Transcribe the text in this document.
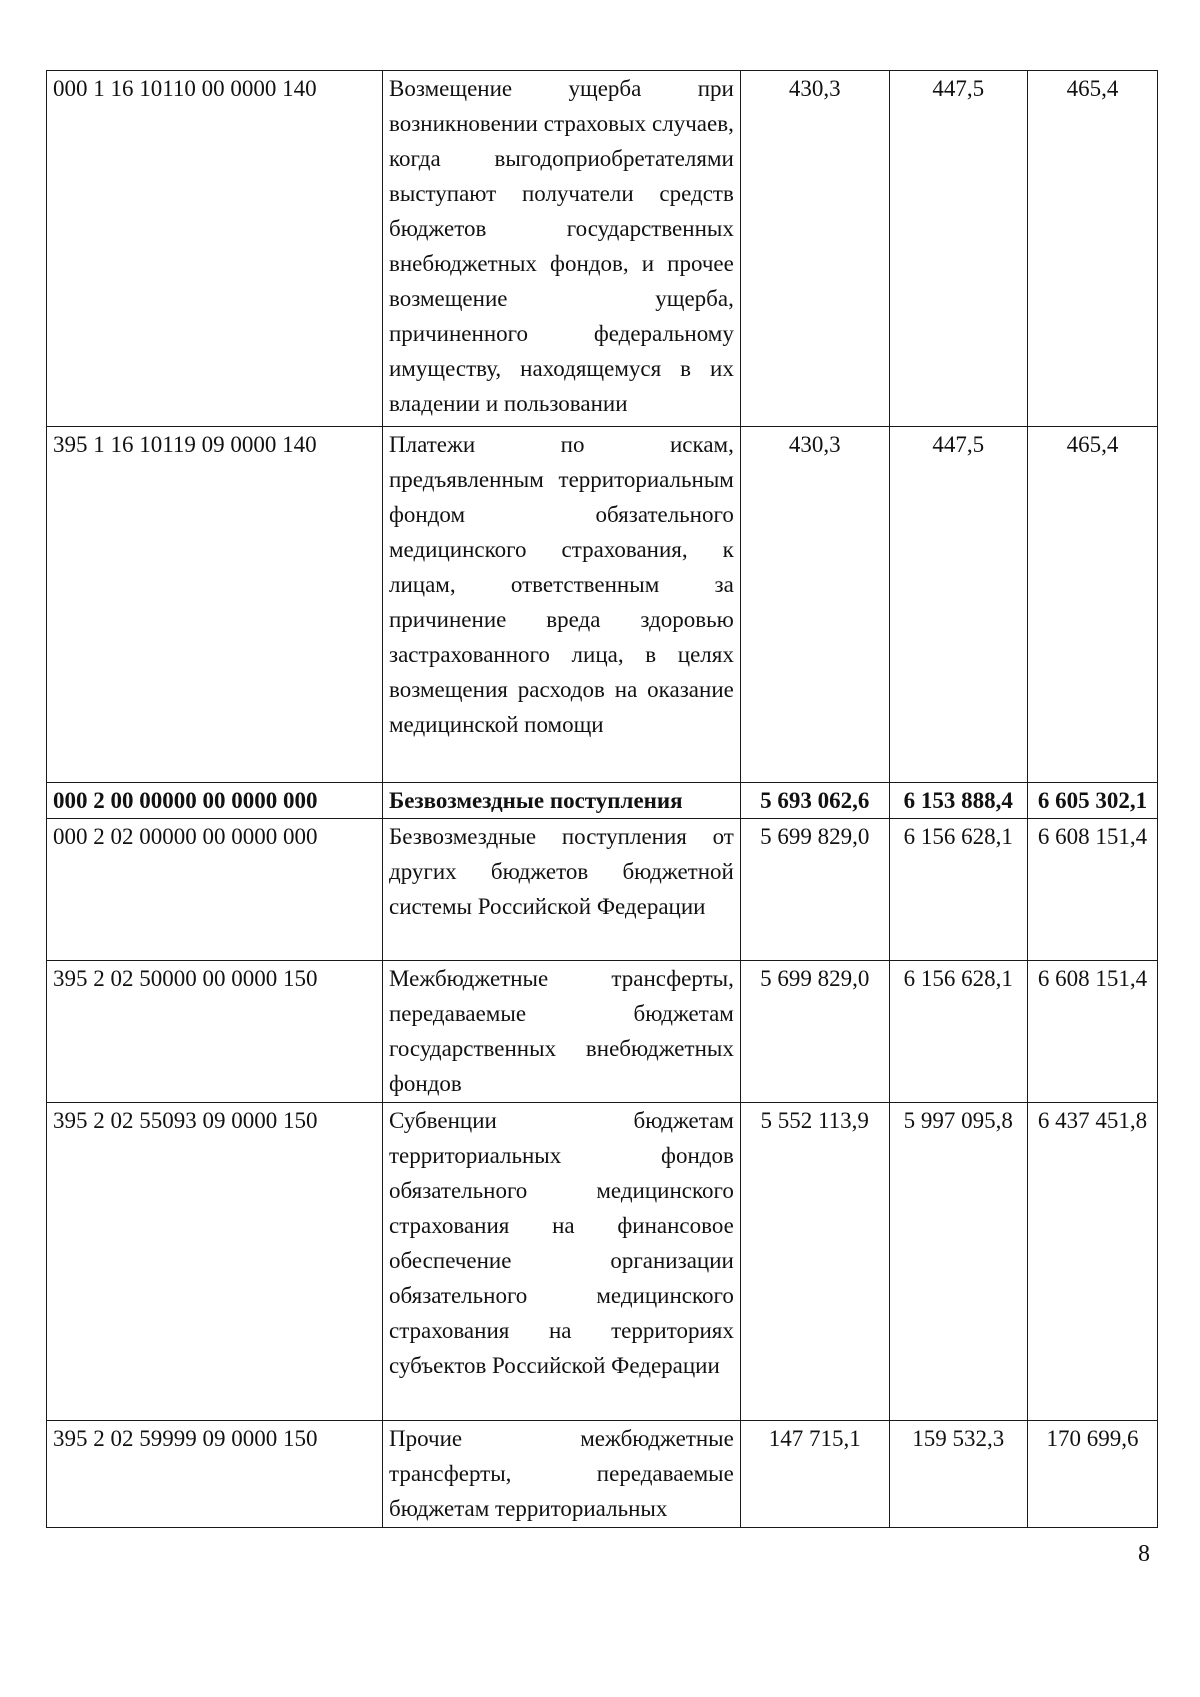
000 1 16 10110 00 0000 140	Возмещение ущерба при возникновении страховых случаев, когда выгодоприобретателями выступают получатели средств бюджетов государственных внебюджетных фондов, и прочее возмещение ущерба, причиненного федеральному имуществу, находящемуся в их владении и пользовании	430,3	447,5	465,4
395 1 16 10119 09 0000 140	Платежи по искам, предъявленным территориальным фондом обязательного медицинского страхования, к лицам, ответственным за причинение вреда здоровью застрахованного лица, в целях возмещения расходов на оказание медицинской помощи	430,3	447,5	465,4
000 2 00 00000 00 0000 000	Безвозмездные поступления	5 693 062,6	6 153 888,4	6 605 302,1
000 2 02 00000 00 0000 000	Безвозмездные поступления от других бюджетов бюджетной системы Российской Федерации	5 699 829,0	6 156 628,1	6 608 151,4
395 2 02 50000 00 0000 150	Межбюджетные трансферты, передаваемые бюджетам государственных внебюджетных фондов	5 699 829,0	6 156 628,1	6 608 151,4
395 2 02 55093 09 0000 150	Субвенции бюджетам территориальных фондов обязательного медицинского страхования на финансовое обеспечение организации обязательного медицинского страхования на территориях субъектов Российской Федерации	5 552 113,9	5 997 095,8	6 437 451,8
395 2 02 59999 09 0000 150	Прочие межбюджетные трансферты, передаваемые бюджетам территориальных	147 715,1	159 532,3	170 699,6
8
